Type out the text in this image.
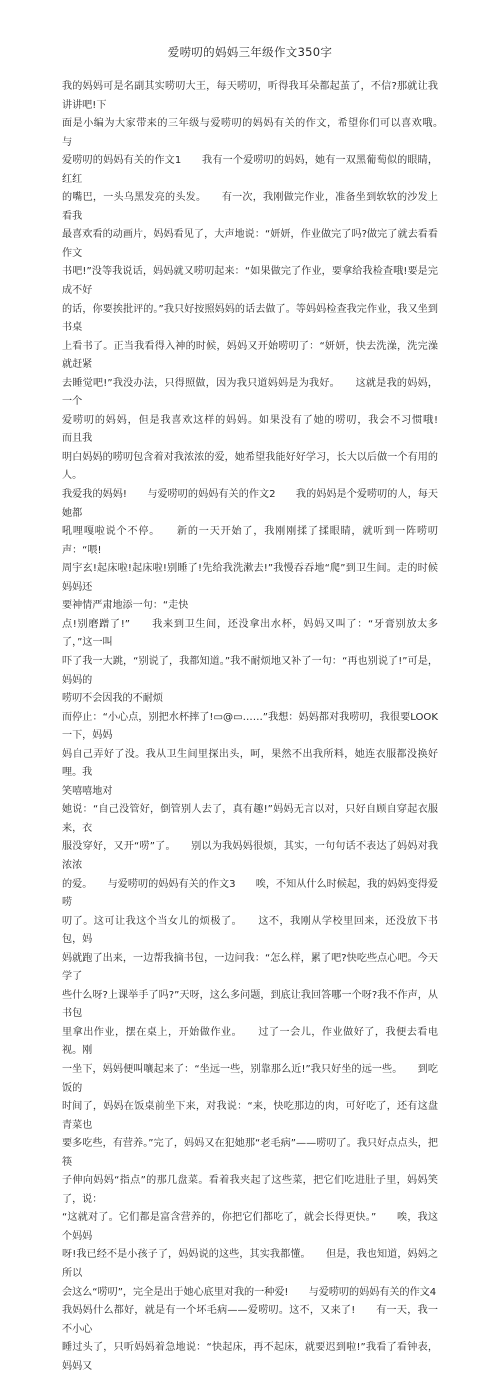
爱唠叨的妈妈三年级作文350字
我的妈妈可是名副其实唠叨大王，每天唠叨，听得我耳朵都起茧了，不信?那就让我讲讲吧!下
面是小编为大家带来的三年级与爱唠叨的妈妈有关的作文，希望你们可以喜欢哦。　　与
爱唠叨的妈妈有关的作文1　　我有一个爱唠叨的妈妈，她有一双黑葡萄似的眼睛，红红
的嘴巴，一头乌黑发亮的头发。　　有一次，我刚做完作业，准备坐到软软的沙发上看我
最喜欢看的动画片，妈妈看见了，大声地说：“妍妍，作业做完了吗?做完了就去看看作文
书吧!”没等我说话，妈妈就又唠叨起来：“如果做完了作业，要拿给我检查哦!要是完成不好
的话，你要挨批评的。”我只好按照妈妈的话去做了。等妈妈检查我完作业，我又坐到书桌
上看书了。正当我看得入神的时候，妈妈又开始唠叨了：“妍妍，快去洗澡，洗完澡就赶紧
去睡觉吧!”我没办法，只得照做，因为我只道妈妈是为我好。　　这就是我的妈妈，一个
爱唠叨的妈妈，但是我喜欢这样的妈妈。如果没有了她的唠叨，我会不习惯哦!　　而且我
明白妈妈的唠叨包含着对我浓浓的爱，她希望我能好好学习，长大以后做一个有用的人。
我爱我的妈妈!　　与爱唠叨的妈妈有关的作文2　　我的妈妈是个爱唠叨的人，每天她都
吼哩嘎啦说个不停。　　新的一天开始了，我刚刚揉了揉眼睛，就听到一阵唠叨声：“喂!
周宇玄!起床啦!起床啦!别睡了!先给我洗漱去!”我慢吞吞地“爬”到卫生间。走的时候妈妈还
要神情严肃地添一句：“走快
点!别磨蹭了!”　　我来到卫生间，还没拿出水杯，妈妈又叫了：“牙膏别放太多了，”这一叫
吓了我一大跳，“别说了，我都知道。”我不耐烦地又补了一句：“再也别说了!”可是，妈妈的
唠叨不会因我的不耐烦
而停止：“小心点，别把水杯摔了!▭@▭……”我想：妈妈都对我唠叨，我很要LOOK一下，妈妈
妈自己弄好了没。我从卫生间里探出头，呵，果然不出我所料，她连衣服都没换好哩。我
笑嘻嘻地对
她说：“自己没管好，倒管别人去了，真有趣!”妈妈无言以对，只好自顾自穿起衣服来，衣
服没穿好，又开“唠”了。　　别以为我妈妈很烦，其实，一句句话不表达了妈妈对我浓浓
的爱。　　与爱唠叨的妈妈有关的作文3　　唉，不知从什么时候起，我的妈妈变得爱唠
叨了。这可让我这个当女儿的烦极了。　　这不，我刚从学校里回来，还没放下书包，妈
妈就跑了出来，一边帮我摘书包，一边问我：“怎么样，累了吧?快吃些点心吧。今天学了
些什么呀?上课举手了吗?”天呀，这么多问题，到底让我回答哪一个呀?我不作声，从书包
里拿出作业，摆在桌上，开始做作业。　　过了一会儿，作业做好了，我便去看电视。刚
一坐下，妈妈便叫嚷起来了：“坐远一些，别靠那么近!”我只好坐的远一些。　　到吃饭的
时间了，妈妈在饭桌前坐下来，对我说：“来，快吃那边的肉，可好吃了，还有这盘青菜也
要多吃些，有营养。”完了，妈妈又在犯她那“老毛病”——唠叨了。我只好点点头，把筷
子伸向妈妈“指点”的那几盘菜。看着我夹起了这些菜，把它们吃进肚子里，妈妈笑了，说：
“这就对了。它们都是富含营养的，你把它们都吃了，就会长得更快。”　　唉，我这个妈妈
呀!我已经不是小孩子了，妈妈说的这些，其实我都懂。　　但是，我也知道，妈妈之所以
会这么“唠叨”，完全是出于她心底里对我的一种爱!　　与爱唠叨的妈妈有关的作文4
我妈妈什么都好，就是有一个坏毛病——爱唠叨。这不，又来了!　　有一天，我一不小心
睡过头了，只听妈妈着急地说：“快起床，再不起床，就要迟到啦!”我看了看钟表，妈妈又
